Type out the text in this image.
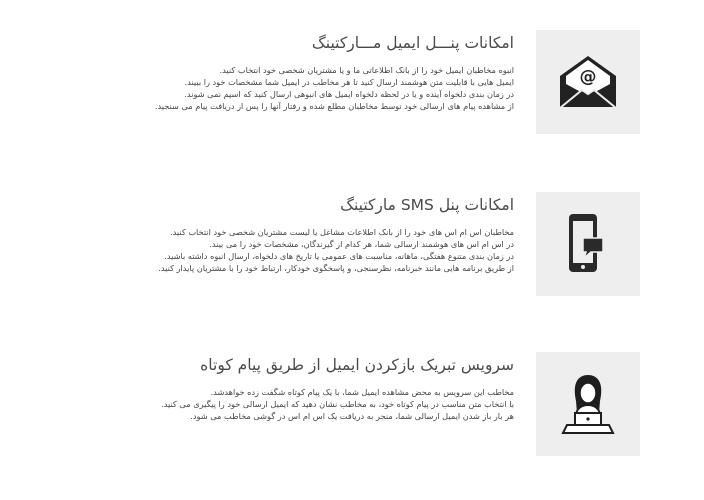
@
امکانات پنـــل ایمیل مـــارکتینگ
انبوه مخاطبان ایمیل خود را از بانک اطلاعاتی ما و یا مشتریان شخصی خود انتخاب کنید.
ایمیل هایی با قابلیت متن هوشمند ارسال کنید تا هر مخاطب در ایمیل شما مشخصات خود را ببیند.
در زمان بندی دلخواه آینده و یا در لحظه دلخواه ایمیل های انبوهی ارسال کنید که اسپم نمی شوند.
از مشاهده پیام های ارسالی خود توسط مخاطبان مطلع شده و رفتار آنها را پس از دریافت پیام می سنجید.
امکانات پنل SMS مارکتینگ
مخاطبان اس ام اس های خود را از بانک اطلاعات مشاغل یا لیست مشتریان شخصی خود انتخاب کنید.
در اس ام اس های هوشمند ارسالی شما، هر کدام از گیرندگان، مشخصات خود را می بیند.
در زمان بندی متنوع هفتگی، ماهانه، مناسبت های عمومی یا تاریخ های دلخواه، ارسال انبوه داشته باشید.
از طریق برنامه هایی مانند خبرنامه، نظرسنجی، و پاسخگوی خودکار، ارتباط خود را با مشتریان پایدار کنید.
سرویس تبریک بازکردن ایمیل از طریق پیام کوتاه
مخاطب این سرویس به محض مشاهده ایمیل شما، با یک پیام کوتاه شگفت زده خواهدشد.
با انتخاب متن مناسب در پیام کوتاه خود، به مخاطب نشان دهید که ایمیل ارسالی خود را پیگیری می کنید.
هر بار باز شدن ایمیل ارسالی شما، منجر به دریافت یک اس ام اس در گوشی مخاطب می شود.
